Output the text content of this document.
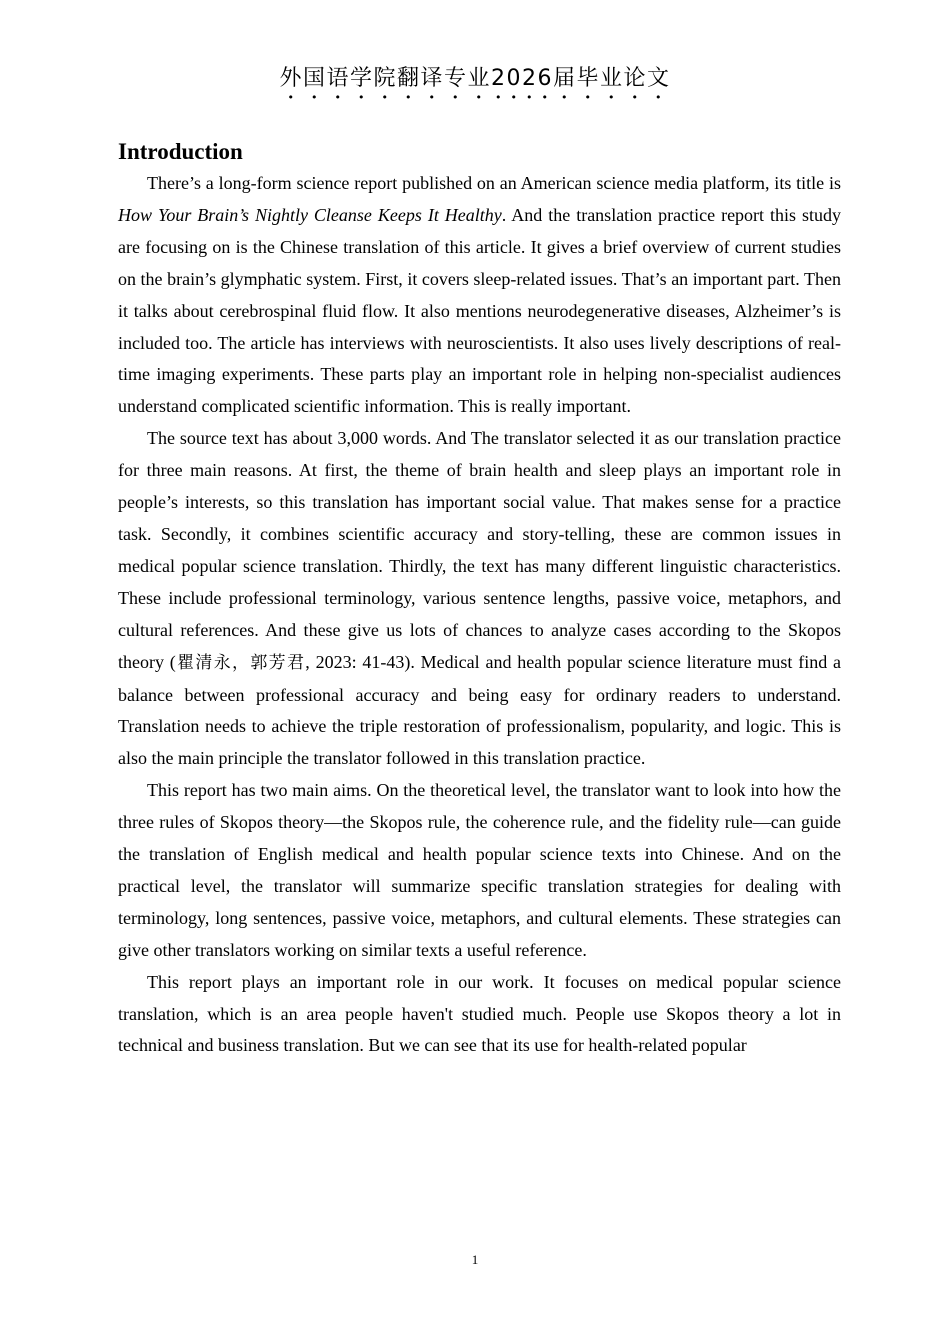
外国语学院翻译专业2026届毕业论文
Introduction

There’s a long-form science report published on an American science media platform, its title is How Your Brain’s Nightly Cleanse Keeps It Healthy. And the translation practice report this study are focusing on is the Chinese translation of this article. It gives a brief overview of current studies on the brain’s glymphatic system. First, it covers sleep-related issues. That’s an important part. Then it talks about cerebrospinal fluid flow. It also mentions neurodegenerative diseases, Alzheimer’s is included too. The article has interviews with neuroscientists. It also uses lively descriptions of real-time imaging experiments. These parts play an important role in helping non-specialist audiences understand complicated scientific information. This is really important.

The source text has about 3,000 words. And The translator selected it as our translation practice for three main reasons. At first, the theme of brain health and sleep plays an important role in people’s interests, so this translation has important social value. That makes sense for a practice task. Secondly, it combines scientific accuracy and story-telling, these are common issues in medical popular science translation. Thirdly, the text has many different linguistic characteristics. These include professional terminology, various sentence lengths, passive voice, metaphors, and cultural references. And these give us lots of chances to analyze cases according to the Skopos theory (瞿清永，郭芳君, 2023: 41-43). Medical and health popular science literature must find a balance between professional accuracy and being easy for ordinary readers to understand. Translation needs to achieve the triple restoration of professionalism, popularity, and logic. This is also the main principle the translator followed in this translation practice.

This report has two main aims. On the theoretical level, the translator want to look into how the three rules of Skopos theory—the Skopos rule, the coherence rule, and the fidelity rule—can guide the translation of English medical and health popular science texts into Chinese. And on the practical level, the translator will summarize specific translation strategies for dealing with terminology, long sentences, passive voice, metaphors, and cultural elements. These strategies can give other translators working on similar texts a useful reference.

This report plays an important role in our work. It focuses on medical popular science translation, which is an area people haven't studied much. People use Skopos theory a lot in technical and business translation. But we can see that its use for health-related popular

1
